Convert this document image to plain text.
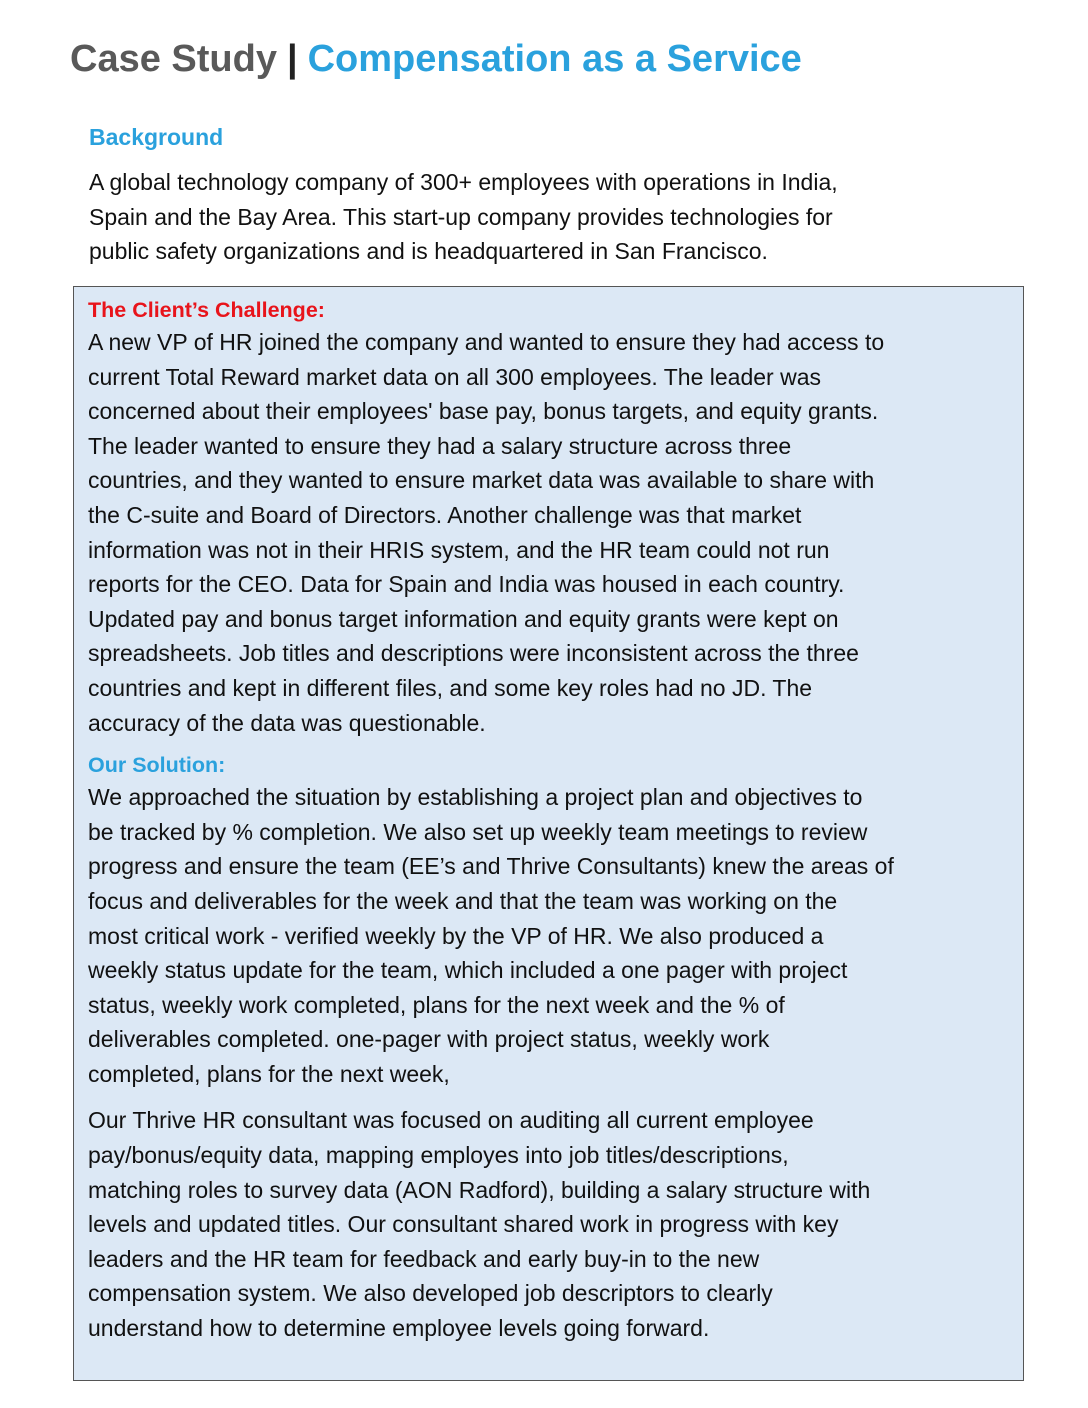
Case Study | Compensation as a Service
Background
A global technology company of 300+ employees with operations in India,
Spain and the Bay Area. This start-up company provides technologies for
public safety organizations and is headquartered in San Francisco.
The Client’s Challenge:
A new VP of HR joined the company and wanted to ensure they had access to
current Total Reward market data on all 300 employees. The leader was
concerned about their employees' base pay, bonus targets, and equity grants.
The leader wanted to ensure they had a salary structure across three
countries, and they wanted to ensure market data was available to share with
the C-suite and Board of Directors. Another challenge was that market
information was not in their HRIS system, and the HR team could not run
reports for the CEO. Data for Spain and India was housed in each country.
Updated pay and bonus target information and equity grants were kept on
spreadsheets. Job titles and descriptions were inconsistent across the three
countries and kept in different files, and some key roles had no JD. The
accuracy of the data was questionable.
Our Solution:
We approached the situation by establishing a project plan and objectives to
be tracked by % completion. We also set up weekly team meetings to review
progress and ensure the team (EE’s and Thrive Consultants) knew the areas of
focus and deliverables for the week and that the team was working on the
most critical work - verified weekly by the VP of HR. We also produced a
weekly status update for the team, which included a one pager with project
status, weekly work completed, plans for the next week and the % of
deliverables completed. one-pager with project status, weekly work
completed, plans for the next week,
Our Thrive HR consultant was focused on auditing all current employee
pay/bonus/equity data, mapping employes into job titles/descriptions,
matching roles to survey data (AON Radford), building a salary structure with
levels and updated titles. Our consultant shared work in progress with key
leaders and the HR team for feedback and early buy-in to the new
compensation system. We also developed job descriptors to clearly
understand how to determine employee levels going forward.
